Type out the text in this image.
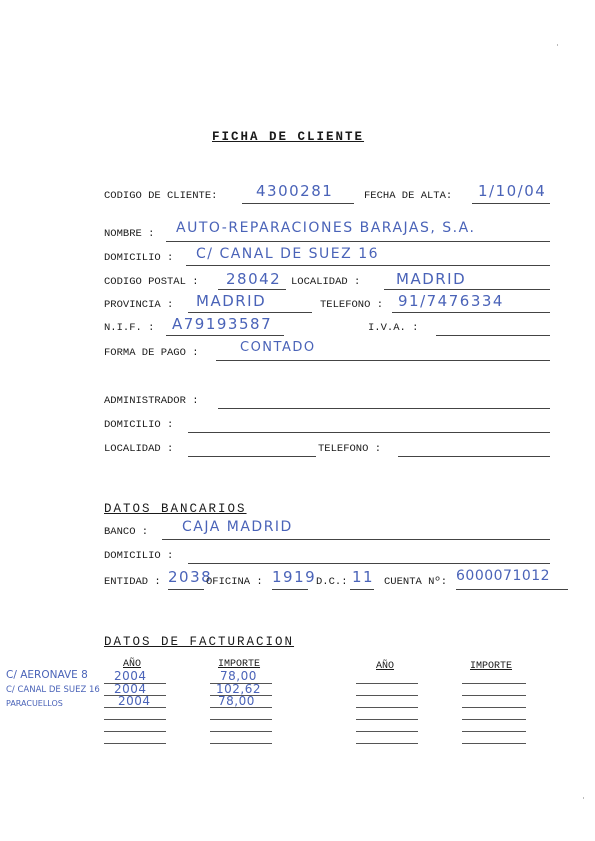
FICHA DE CLIENTE
CODIGO DE CLIENTE:	4300281	FECHA DE ALTA: 1/10/04
NOMBRE : AUTO-REPARACIONES BARAJAS, S.A.
DOMICILIO : C/ CANAL DE SUEZ 16
CODIGO POSTAL : 28042 LOCALIDAD : MADRID
PROVINCIA : MADRID	TELEFONO : 91/7476334
N.I.F. : A79193587	I.V.A. :
FORMA DE PAGO :	CONTADO
ADMINISTRADOR :
DOMICILIO :
LOCALIDAD :	TELEFONO :
DATOS BANCARIOS
BANCO : CAJA MADRID
DOMICILIO :
ENTIDAD : 2038
OFICINA : 1919 D.C.: 11 CUENTA Nº: 6000071012
DATOS DE FACTURACION
AÑO	IMPORTE	AÑO	IMPORTE
2004	78,00
2004	102,62
2004	78,00
C/ AERONAVE 8
C/ CANAL DE SUEZ 16
PARACUELLOS
